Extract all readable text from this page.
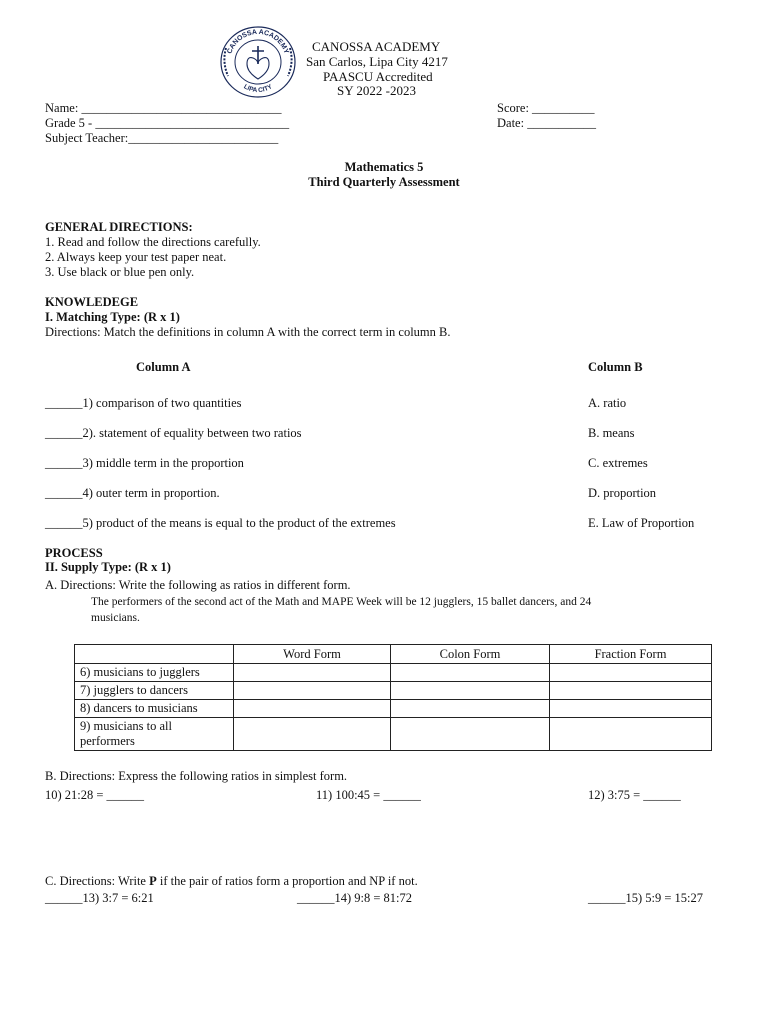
CANOSSA ACADEMY
LIPA CITY
CANOSSA ACADEMY
San Carlos, Lipa City 4217
PAASCU Accredited
SY 2022 -2023
Name: ________________________________
Grade 5 - _______________________________
Subject Teacher:________________________
Score: __________
Date: ___________
Mathematics 5
Third Quarterly Assessment
GENERAL DIRECTIONS:
1. Read and follow the directions carefully.
2. Always keep your test paper neat.
3. Use black or blue pen only.
KNOWLEDEGE
I. Matching Type: (R x 1)
Directions: Match the definitions in column A with the correct term in column B.
Column A	Column B
______1) comparison of two quantities	A. ratio
______2). statement of equality between two ratios	B. means
______3) middle term in the proportion	C. extremes
______4) outer term in proportion.	D. proportion
______5) product of the means is equal to the product of the extremes	E. Law of Proportion
PROCESS
II. Supply Type: (R x 1)
A. Directions: Write the following as ratios in different form.
The performers of the second act of the Math and MAPE Week will be 12 jugglers, 15 ballet dancers, and 24
musicians.
	Word Form	Colon Form	Fraction Form
6) musicians to jugglers			
7) jugglers to dancers			
8) dancers to musicians			
9) musicians to all performers			
B. Directions: Express the following ratios in simplest form.
10) 21:28 = ______	11) 100:45 = ______	12) 3:75 = ______
C. Directions: Write P if the pair of ratios form a proportion and NP if not.
______13) 3:7 = 6:21	______14) 9:8 = 81:72	______15) 5:9 = 15:27
